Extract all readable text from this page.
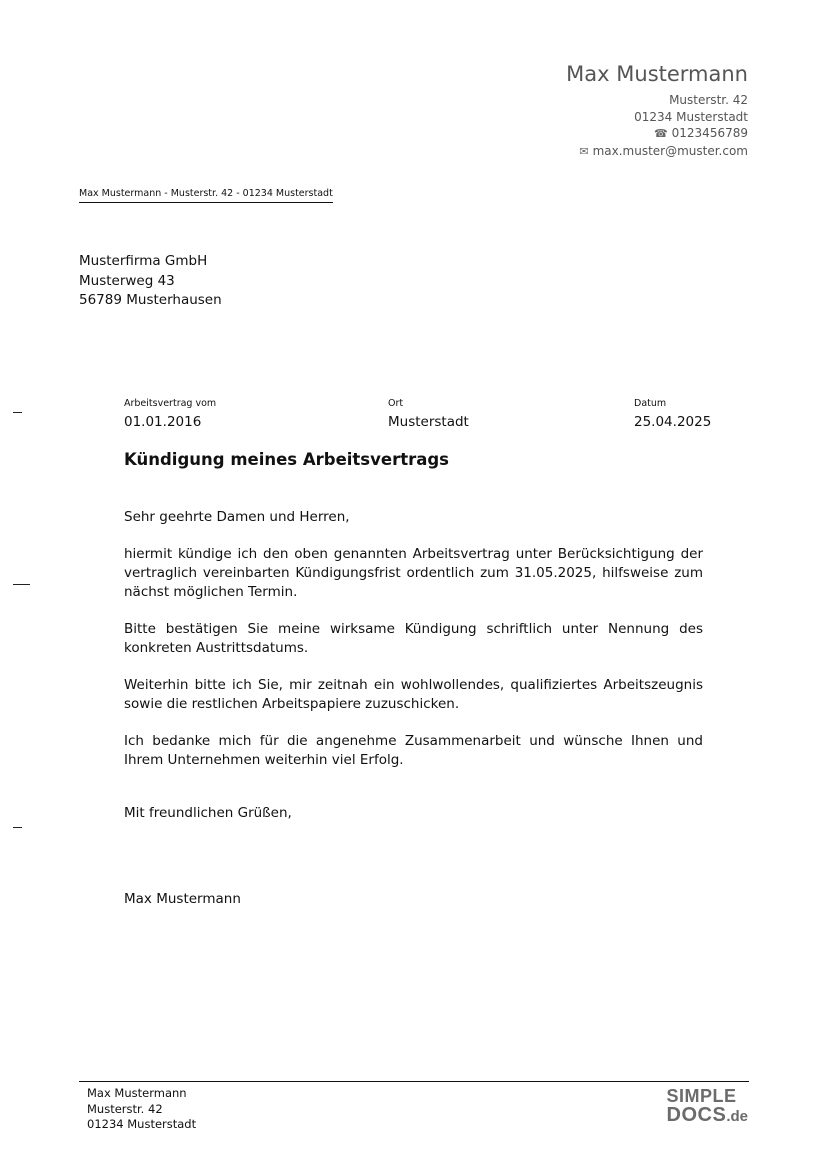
Max Mustermann
Musterstr. 42
01234 Musterstadt
☎ 0123456789
✉ max.muster@muster.com
Max Mustermann - Musterstr. 42 - 01234 Musterstadt
Musterfirma GmbH
Musterweg 43
56789 Musterhausen
Arbeitsvertrag vom
01.01.2016
Ort
Musterstadt
Datum
25.04.2025
Kündigung meines Arbeitsvertrags

Sehr geehrte Damen und Herren,

hiermit kündige ich den oben genannten Arbeitsvertrag unter Berücksichtigung der vertraglich vereinbarten Kündigungsfrist ordentlich zum 31.05.2025, hilfsweise zum nächst möglichen Termin.

Bitte bestätigen Sie meine wirksame Kündigung schriftlich unter Nennung des konkreten Austrittsdatums.

Weiterhin bitte ich Sie, mir zeitnah ein wohlwollendes, qualifiziertes Arbeitszeugnis sowie die restlichen Arbeitspapiere zuzuschicken.

Ich bedanke mich für die angenehme Zusammenarbeit und wünsche Ihnen und Ihrem Unternehmen weiterhin viel Erfolg.

Mit freundlichen Grüßen,
Max Mustermann
Max Mustermann
Musterstr. 42
01234 Musterstadt
SIMPLE
DOCS.de
